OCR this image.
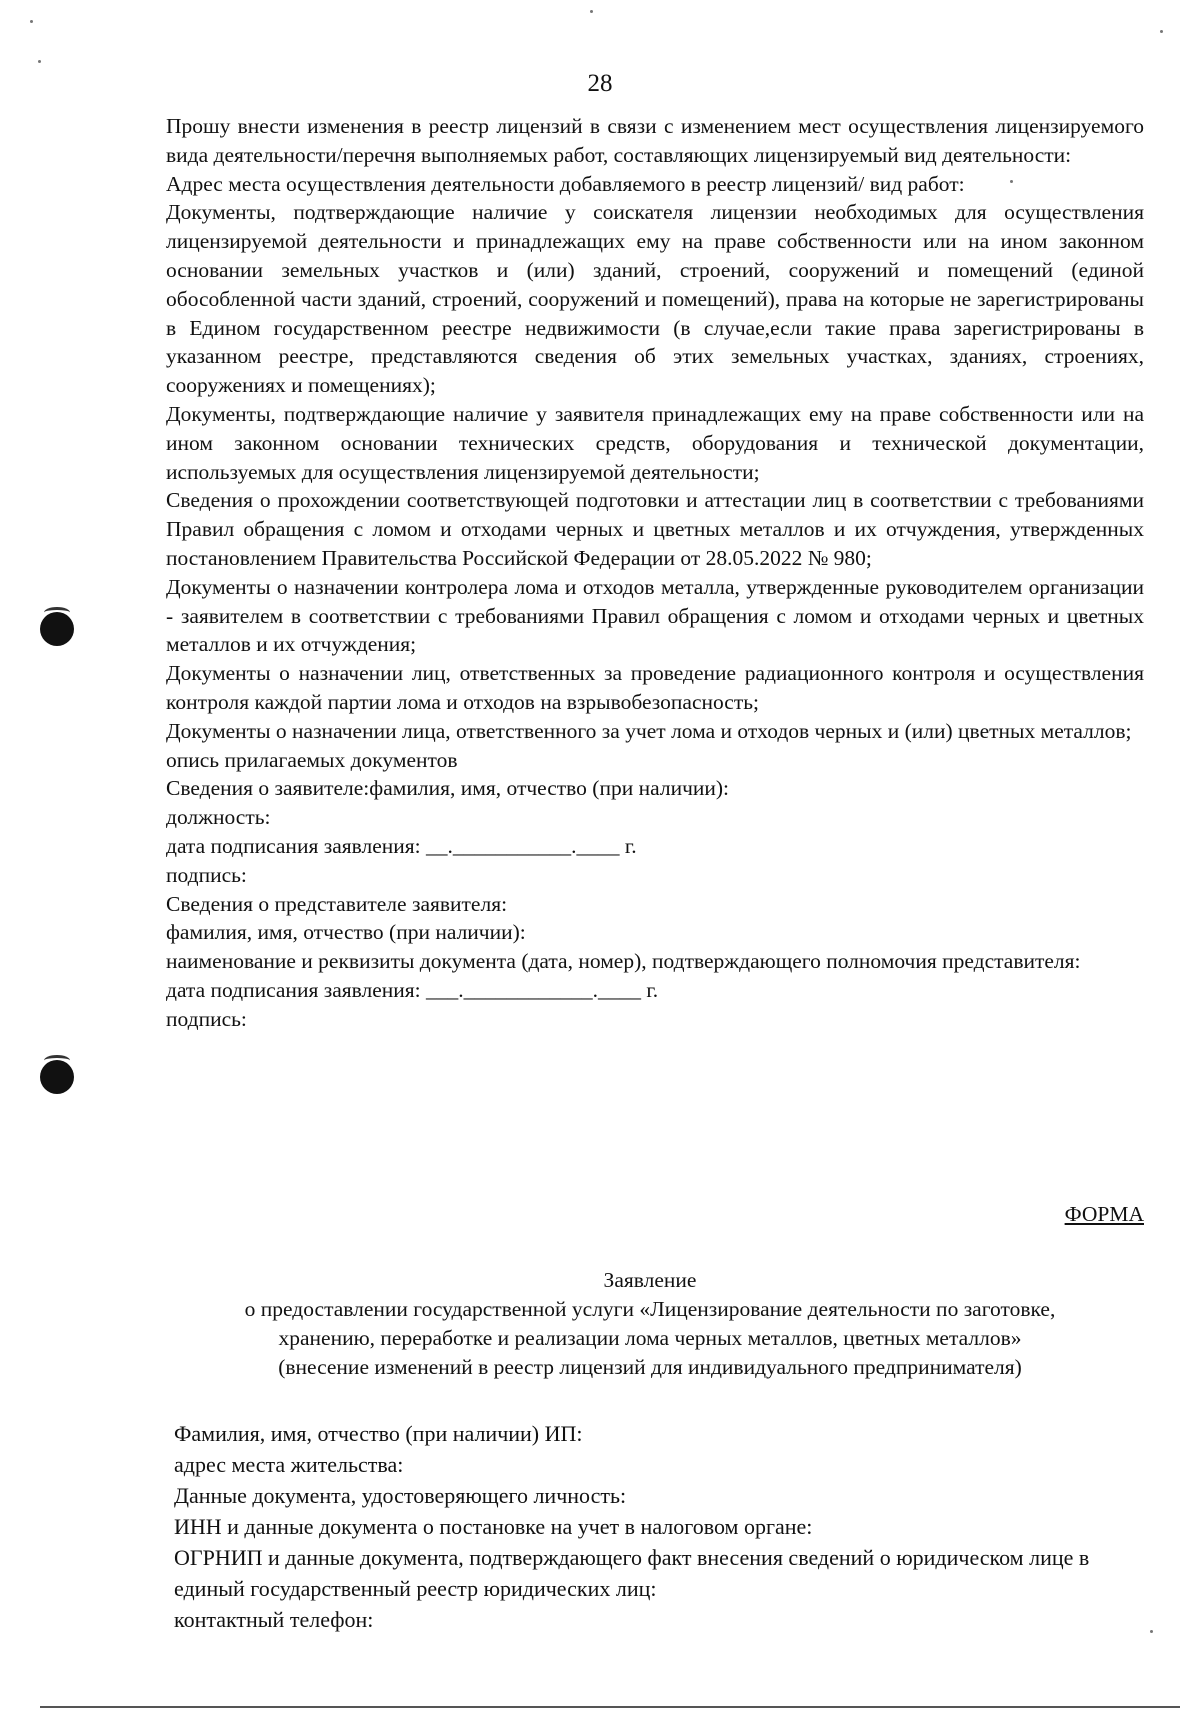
28

Прошу внести изменения в реестр лицензий в связи с изменением мест осуществления лицензируемого вида деятельности/перечня выполняемых работ, составляющих лицензируемый вид деятельности:

Адрес места осуществления деятельности добавляемого в реестр лицензий/ вид работ:

Документы, подтверждающие наличие у соискателя лицензии необходимых для осуществления лицензируемой деятельности и принадлежащих ему на праве собственности или на ином законном основании земельных участков и (или) зданий, строений, сооружений и помещений (единой обособленной части зданий, строений, сооружений и помещений), права на которые не зарегистрированы в Едином государственном реестре недвижимости (в случае,если такие права зарегистрированы в указанном реестре, представляются сведения об этих земельных участках, зданиях, строениях, сооружениях и помещениях);

Документы, подтверждающие наличие у заявителя принадлежащих ему на праве собственности или на ином законном основании технических средств, оборудования и технической документации, используемых для осуществления лицензируемой деятельности;

Сведения о прохождении соответствующей подготовки и аттестации лиц в соответствии с требованиями Правил обращения с ломом и отходами черных и цветных металлов и их отчуждения, утвержденных постановлением Правительства Российской Федерации от 28.05.2022 № 980;

Документы о назначении контролера лома и отходов металла, утвержденные руководителем организации - заявителем в соответствии с требованиями Правил обращения с ломом и отходами черных и цветных металлов и их отчуждения;

Документы о назначении лиц, ответственных за проведение радиационного контроля и осуществления контроля каждой партии лома и отходов на взрывобезопасность;

Документы о назначении лица, ответственного за учет лома и отходов черных и (или) цветных металлов;

опись прилагаемых документов

Сведения о заявителе:фамилия, имя, отчество (при наличии):

должность:

дата подписания заявления: __.___________.____ г.

подпись:

Сведения о представителе заявителя:

фамилия, имя, отчество (при наличии):

наименование и реквизиты документа (дата, номер), подтверждающего полномочия представителя:

дата подписания заявления: ___.____________.____ г.

подпись:

ФОРМА

Заявление

о предоставлении государственной услуги «Лицензирование деятельности по заготовке,

хранению, переработке и реализации лома черных металлов, цветных металлов»

(внесение изменений в реестр лицензий для индивидуального предпринимателя)

Фамилия, имя, отчество (при наличии) ИП:

адрес места жительства:

Данные документа, удостоверяющего личность:

ИНН и данные документа о постановке на учет в налоговом органе:

ОГРНИП и данные документа, подтверждающего факт внесения сведений о юридическом лице в единый государственный реестр юридических лиц:

контактный телефон:
